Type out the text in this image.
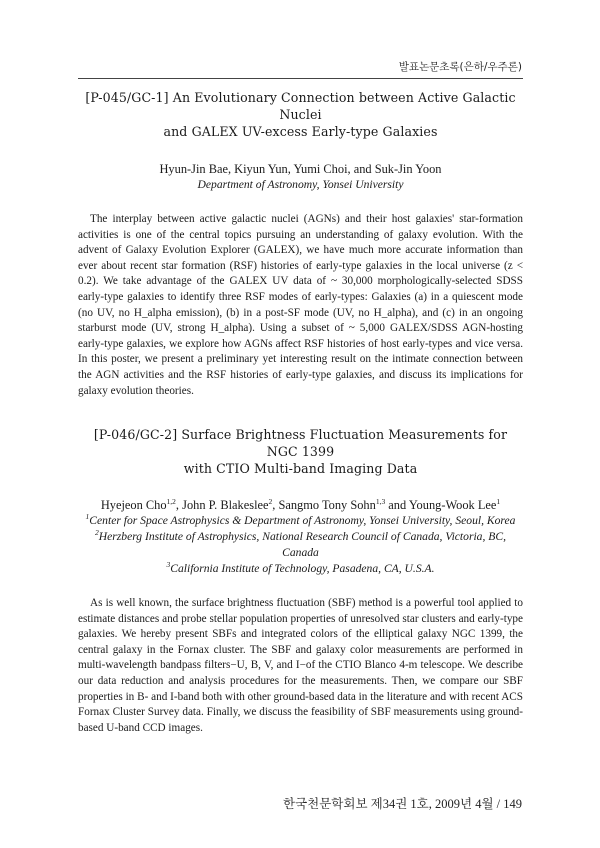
발표논문초록(은하/우주론)

[P-045/GC-1] An Evolutionary Connection between Active Galactic Nuclei
and GALEX UV-excess Early-type Galaxies

Hyun-Jin Bae, Kiyun Yun, Yumi Choi, and Suk-Jin Yoon
Department of Astronomy, Yonsei University
The interplay between active galactic nuclei (AGNs) and their host galaxies' star-formation activities is one of the central topics pursuing an understanding of galaxy evolution. With the advent of Galaxy Evolution Explorer (GALEX), we have much more accurate information than ever about recent star formation (RSF) histories of early-type galaxies in the local universe (z < 0.2). We take advantage of the GALEX UV data of ~ 30,000 morphologically-selected SDSS early-type galaxies to identify three RSF modes of early-types: Galaxies (a) in a quiescent mode (no UV, no H_alpha emission), (b) in a post-SF mode (UV, no H_alpha), and (c) in an ongoing starburst mode (UV, strong H_alpha). Using a subset of ~ 5,000 GALEX/SDSS AGN-hosting early-type galaxies, we explore how AGNs affect RSF histories of host early-types and vice versa. In this poster, we present a preliminary yet interesting result on the intimate connection between the AGN activities and the RSF histories of early-type galaxies, and discuss its implications for galaxy evolution theories.

[P-046/GC-2] Surface Brightness Fluctuation Measurements for NGC 1399
with CTIO Multi-band Imaging Data

Hyejeon Cho$^{1,2}$, John P. Blakeslee$^2$, Sangmo Tony Sohn$^{1,3}$ and Young-Wook Lee$^1$
$^1$Center for Space Astrophysics & Department of Astronomy, Yonsei University, Seoul, Korea
$^2$Herzberg Institute of Astrophysics, National Research Council of Canada, Victoria, BC, Canada
$^3$California Institute of Technology, Pasadena, CA, U.S.A.
As is well known, the surface brightness fluctuation (SBF) method is a powerful tool applied to estimate distances and probe stellar population properties of unresolved star clusters and early-type galaxies. We hereby present SBFs and integrated colors of the elliptical galaxy NGC 1399, the central galaxy in the Fornax cluster. The SBF and galaxy color measurements are performed in multi-wavelength bandpass filters−U, B, V, and I−of the CTIO Blanco 4-m telescope. We describe our data reduction and analysis procedures for the measurements. Then, we compare our SBF properties in B- and I-band both with other ground-based data in the literature and with recent ACS Fornax Cluster Survey data. Finally, we discuss the feasibility of SBF measurements using ground-based U-band CCD images.
한국천문학회보 제34권 1호, 2009년 4월 / 149
